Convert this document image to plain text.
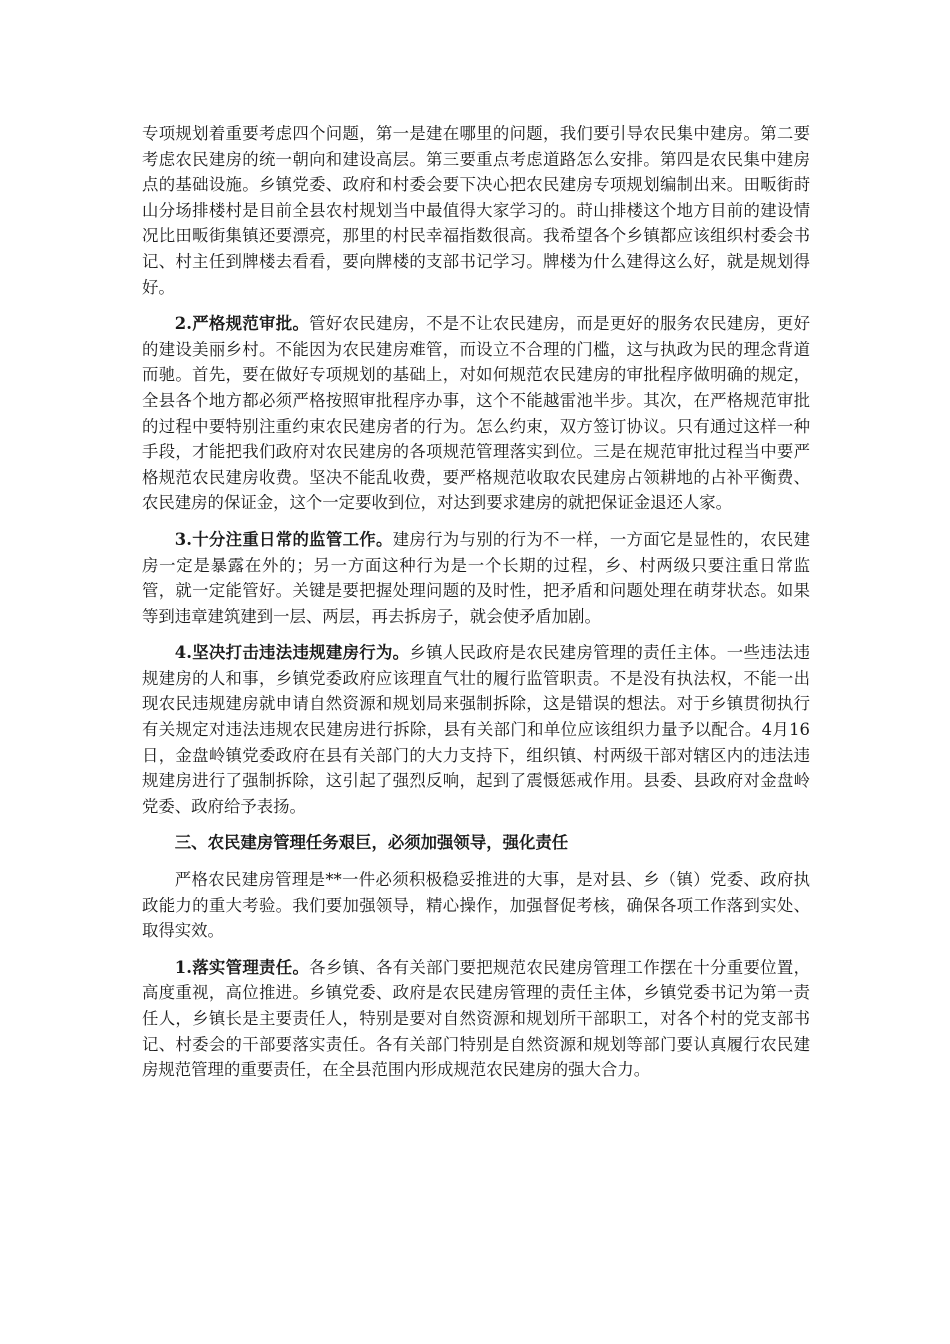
专项规划着重要考虑四个问题，第一是建在哪里的问题，我们要引导农民集中建房。第二要考虑农民建房的统一朝向和建设高层。第三要重点考虑道路怎么安排。第四是农民集中建房点的基础设施。乡镇党委、政府和村委会要下决心把农民建房专项规划编制出来。田畈街莳山分场排楼村是目前全县农村规划当中最值得大家学习的。莳山排楼这个地方目前的建设情况比田畈街集镇还要漂亮，那里的村民幸福指数很高。我希望各个乡镇都应该组织村委会书记、村主任到牌楼去看看，要向牌楼的支部书记学习。牌楼为什么建得这么好，就是规划得好。

2.严格规范审批。管好农民建房，不是不让农民建房，而是更好的服务农民建房，更好的建设美丽乡村。不能因为农民建房难管，而设立不合理的门槛，这与执政为民的理念背道而驰。首先，要在做好专项规划的基础上，对如何规范农民建房的审批程序做明确的规定，全县各个地方都必须严格按照审批程序办事，这个不能越雷池半步。其次，在严格规范审批的过程中要特别注重约束农民建房者的行为。怎么约束，双方签订协议。只有通过这样一种手段，才能把我们政府对农民建房的各项规范管理落实到位。三是在规范审批过程当中要严格规范农民建房收费。坚决不能乱收费，要严格规范收取农民建房占领耕地的占补平衡费、农民建房的保证金，这个一定要收到位，对达到要求建房的就把保证金退还人家。

3.十分注重日常的监管工作。建房行为与别的行为不一样，一方面它是显性的，农民建房一定是暴露在外的；另一方面这种行为是一个长期的过程，乡、村两级只要注重日常监管，就一定能管好。关键是要把握处理问题的及时性，把矛盾和问题处理在萌芽状态。如果等到违章建筑建到一层、两层，再去拆房子，就会使矛盾加剧。

4.坚决打击违法违规建房行为。乡镇人民政府是农民建房管理的责任主体。一些违法违规建房的人和事，乡镇党委政府应该理直气壮的履行监管职责。不是没有执法权，不能一出现农民违规建房就申请自然资源和规划局来强制拆除，这是错误的想法。对于乡镇贯彻执行有关规定对违法违规农民建房进行拆除，县有关部门和单位应该组织力量予以配合。4月16日，金盘岭镇党委政府在县有关部门的大力支持下，组织镇、村两级干部对辖区内的违法违规建房进行了强制拆除，这引起了强烈反响，起到了震慑惩戒作用。县委、县政府对金盘岭党委、政府给予表扬。

三、农民建房管理任务艰巨，必须加强领导，强化责任

严格农民建房管理是**一件必须积极稳妥推进的大事，是对县、乡（镇）党委、政府执政能力的重大考验。我们要加强领导，精心操作，加强督促考核，确保各项工作落到实处、取得实效。

1.落实管理责任。各乡镇、各有关部门要把规范农民建房管理工作摆在十分重要位置，高度重视，高位推进。乡镇党委、政府是农民建房管理的责任主体，乡镇党委书记为第一责任人，乡镇长是主要责任人，特别是要对自然资源和规划所干部职工，对各个村的党支部书记、村委会的干部要落实责任。各有关部门特别是自然资源和规划等部门要认真履行农民建房规范管理的重要责任，在全县范围内形成规范农民建房的强大合力。
